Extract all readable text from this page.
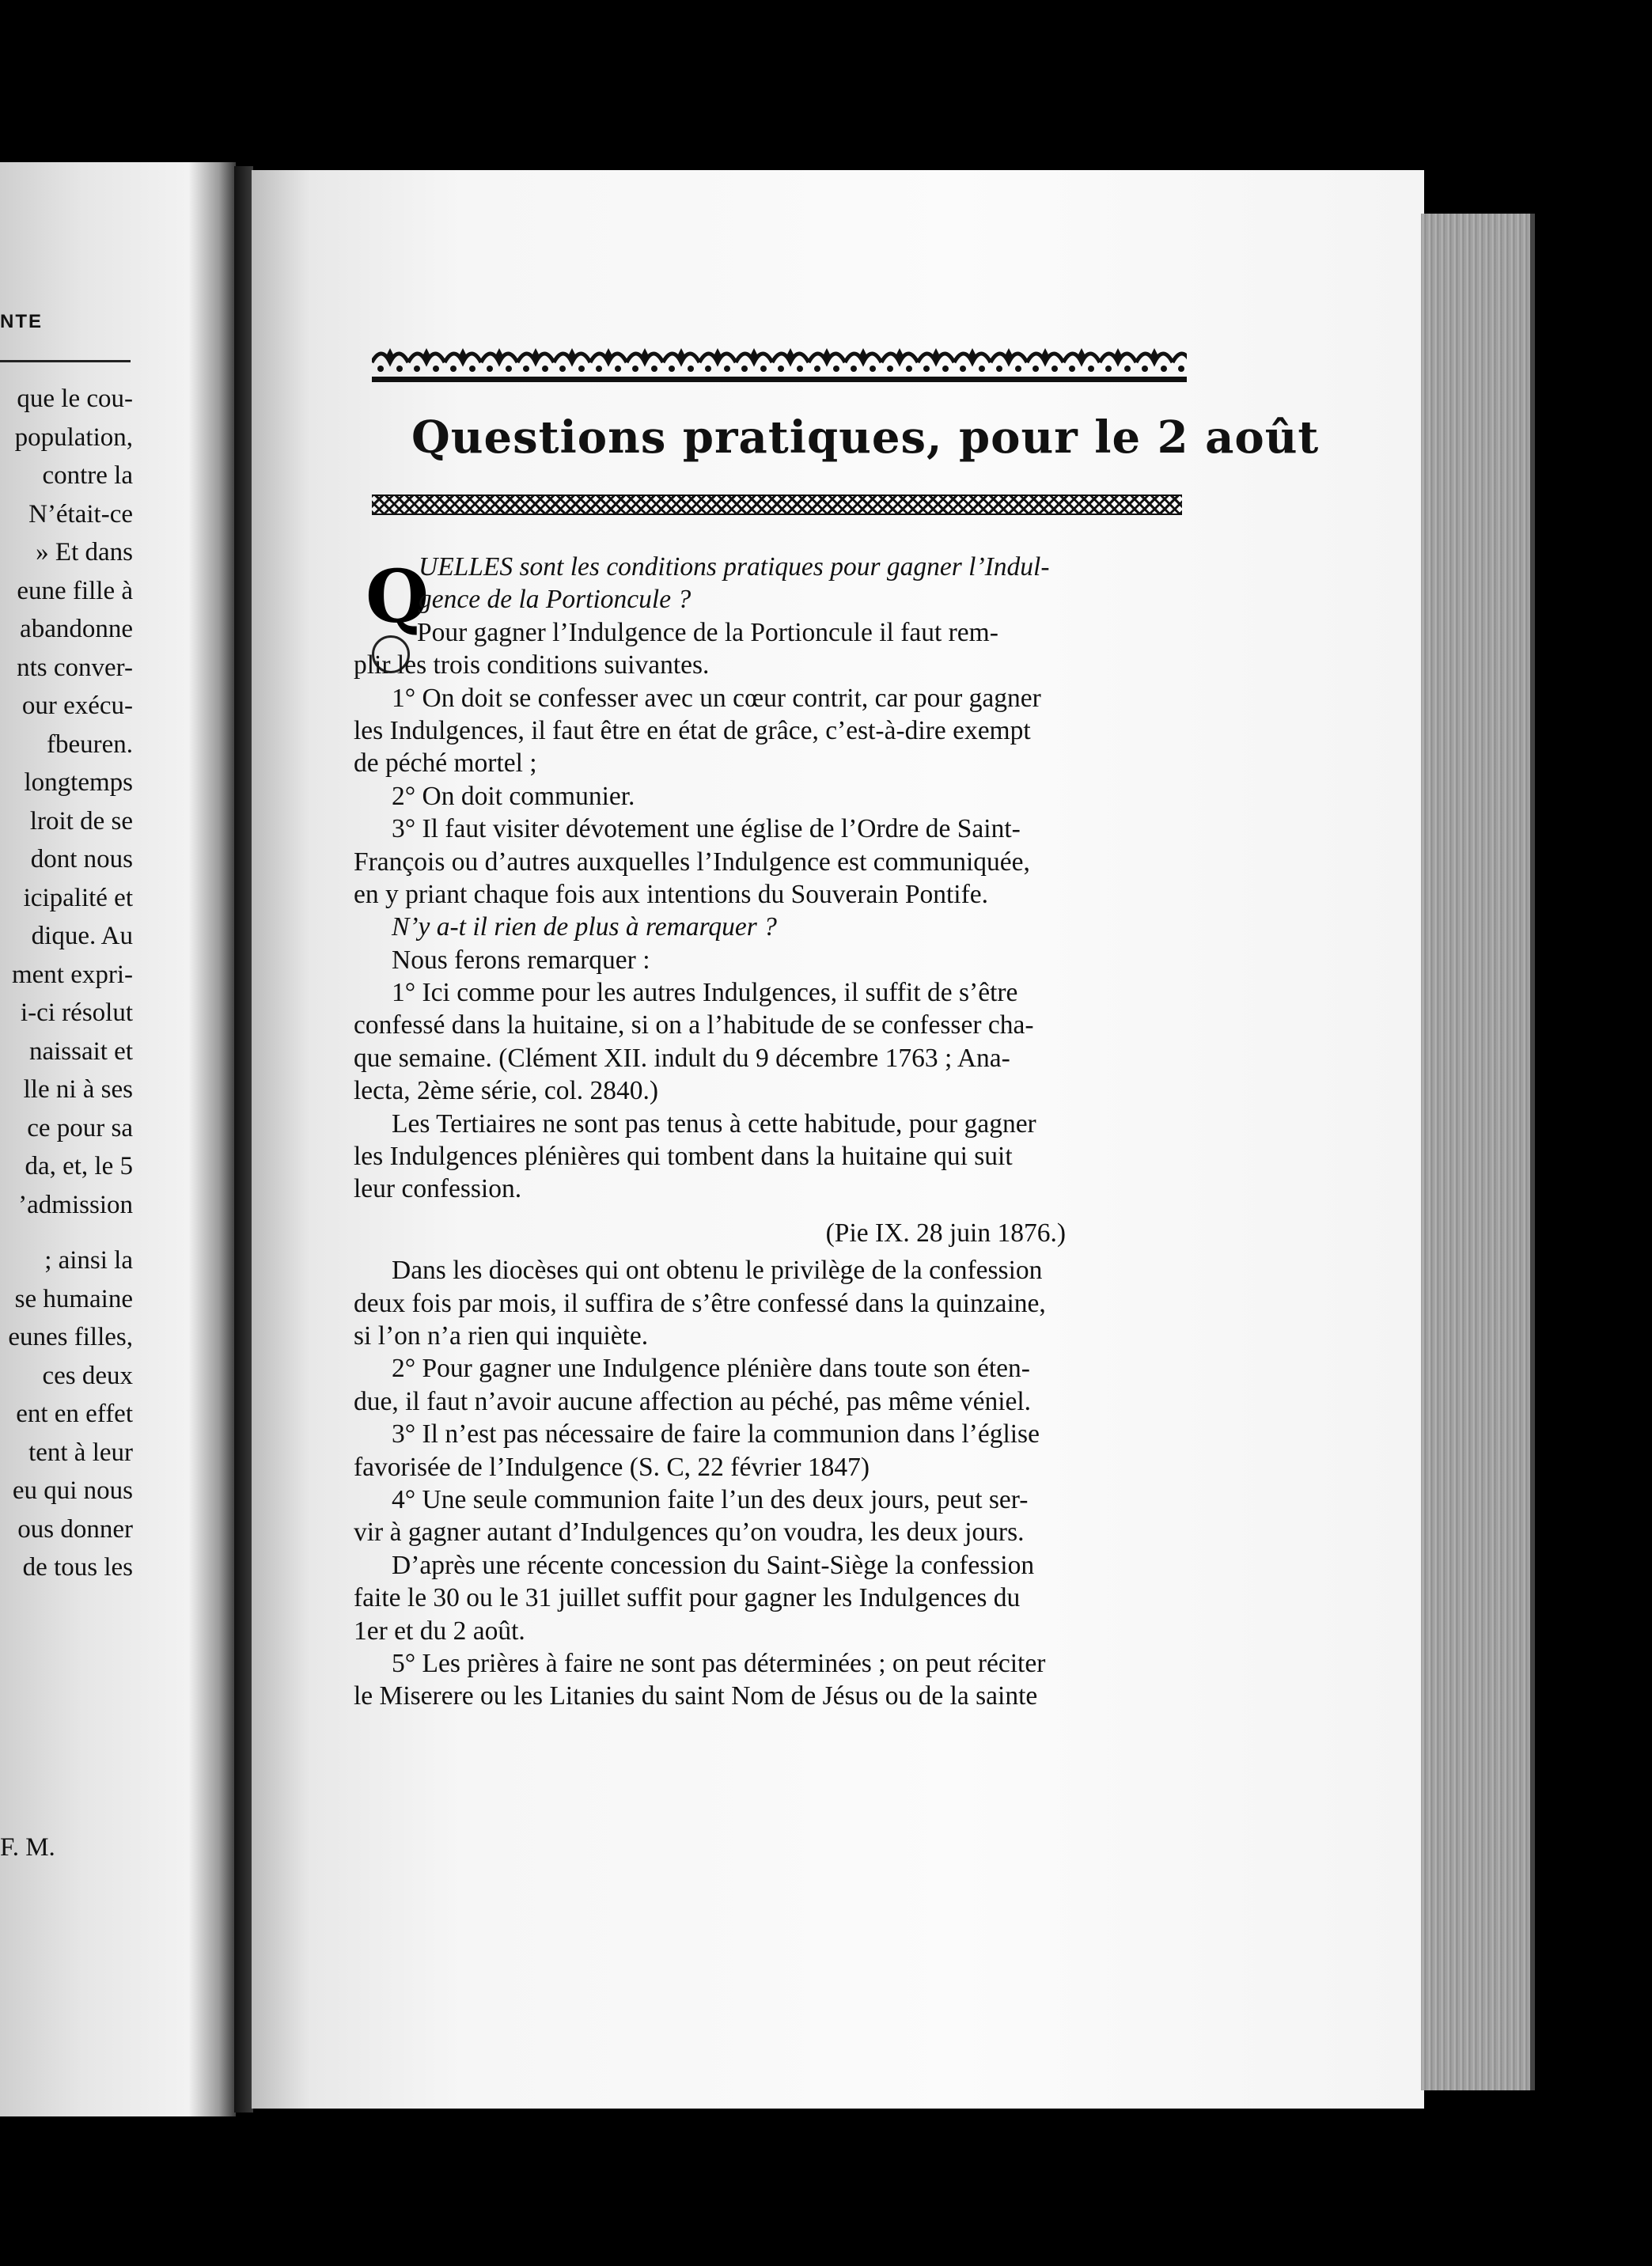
NTE
que le cou-
population,
contre la
N’était-ce
» Et dans
eune fille à
abandonne
nts conver-
our exécu-
fbeuren.
longtemps
lroit de se
dont nous
icipalité et
dique. Au
ment expri-
i-ci résolut
naissait et
lle ni à ses
ce pour sa
da, et, le 5
’admission
; ainsi la
se humaine
eunes filles,
ces deux
ent en effet
tent à leur
eu qui nous
ous donner
de tous les
F. M.
Questions pratiques, pour le 2 août
Q
UELLES sont les conditions pratiques pour gagner l’Indul-
gence de la Portioncule ?
Pour gagner l’Indulgence de la Portioncule il faut rem-
plir les trois conditions suivantes.
1° On doit se confesser avec un cœur contrit, car pour gagner
les Indulgences, il faut être en état de grâce, c’est-à-dire exempt
de péché mortel ;
2° On doit communier.
3° Il faut visiter dévotement une église de l’Ordre de Saint-
François ou d’autres auxquelles l’Indulgence est communiquée,
en y priant chaque fois aux intentions du Souverain Pontife.
N’y a-t il rien de plus à remarquer ?
Nous ferons remarquer :
1° Ici comme pour les autres Indulgences, il suffit de s’être
confessé dans la huitaine, si on a l’habitude de se confesser cha-
que semaine. (Clément XII. indult du 9 décembre 1763 ; Ana-
lecta, 2ème série, col. 2840.)
Les Tertiaires ne sont pas tenus à cette habitude, pour gagner
les Indulgences plénières qui tombent dans la huitaine qui suit
leur confession.
(Pie IX. 28 juin 1876.)
Dans les diocèses qui ont obtenu le privilège de la confession
deux fois par mois, il suffira de s’être confessé dans la quinzaine,
si l’on n’a rien qui inquiète.
2° Pour gagner une Indulgence plénière dans toute son éten-
due, il faut n’avoir aucune affection au péché, pas même véniel.
3° Il n’est pas nécessaire de faire la communion dans l’église
favorisée de l’Indulgence (S. C, 22 février 1847)
4° Une seule communion faite l’un des deux jours, peut ser-
vir à gagner autant d’Indulgences qu’on voudra, les deux jours.
D’après une récente concession du Saint-Siège la confession
faite le 30 ou le 31 juillet suffit pour gagner les Indulgences du
1er et du 2 août.
5° Les prières à faire ne sont pas déterminées ; on peut réciter
le Miserere ou les Litanies du saint Nom de Jésus ou de la sainte
